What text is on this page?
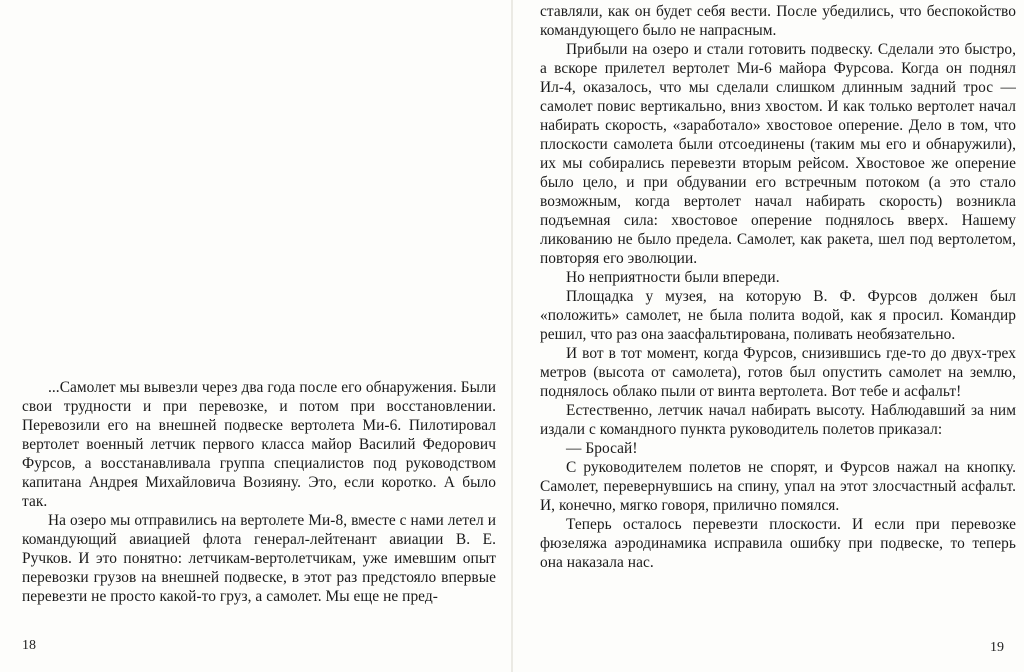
...Самолет мы вывезли через два года после его обнаружения. Были свои трудности и при перевозке, и потом при восстановлении. Перевозили его на внешней подвеске вертолета Ми-6. Пилотировал вертолет военный летчик первого класса майор Василий Федорович Фурсов, а восстанавливала группа специалистов под руководством капитана Андрея Михайловича Возияну. Это, если коротко. А было так.

На озеро мы отправились на вертолете Ми-8, вместе с нами летел и командующий авиацией флота генерал-лейтенант авиации В. Е. Ручков. И это понятно: летчикам-вертолетчикам, уже имевшим опыт перевозки грузов на внешней подвеске, в этот раз предстояло впервые перевезти не просто какой-то груз, а самолет. Мы еще не пред-

18

ставляли, как он будет себя вести. После убедились, что беспокойство командующего было не напрасным.

Прибыли на озеро и стали готовить подвеску. Сделали это быстро, а вскоре прилетел вертолет Ми-6 майора Фурсова. Когда он поднял Ил-4, оказалось, что мы сделали слишком длинным задний трос — самолет повис вертикально, вниз хвостом. И как только вертолет начал набирать скорость, «заработало» хвостовое оперение. Дело в том, что плоскости самолета были отсоединены (таким мы его и обнаружили), их мы собирались перевезти вторым рейсом. Хвостовое же оперение было цело, и при обдувании его встречным потоком (а это стало возможным, когда вертолет начал набирать скорость) возникла подъемная сила: хвостовое оперение поднялось вверх. Нашему ликованию не было предела. Самолет, как ракета, шел под вертолетом, повторяя его эволюции.

Но неприятности были впереди.

Площадка у музея, на которую В. Ф. Фурсов должен был «положить» самолет, не была полита водой, как я просил. Командир решил, что раз она заасфальтирована, поливать необязательно.

И вот в тот момент, когда Фурсов, снизившись где-то до двух-трех метров (высота от самолета), готов был опустить самолет на землю, поднялось облако пыли от винта вертолета. Вот тебе и асфальт!

Естественно, летчик начал набирать высоту. Наблюдавший за ним издали с командного пункта руководитель полетов приказал:

— Бросай!

С руководителем полетов не спорят, и Фурсов нажал на кнопку. Самолет, перевернувшись на спину, упал на этот злосчастный асфальт. И, конечно, мягко говоря, прилично помялся.

Теперь осталось перевезти плоскости. И если при перевозке фюзеляжа аэродинамика исправила ошибку при подвеске, то теперь она наказала нас.

19
